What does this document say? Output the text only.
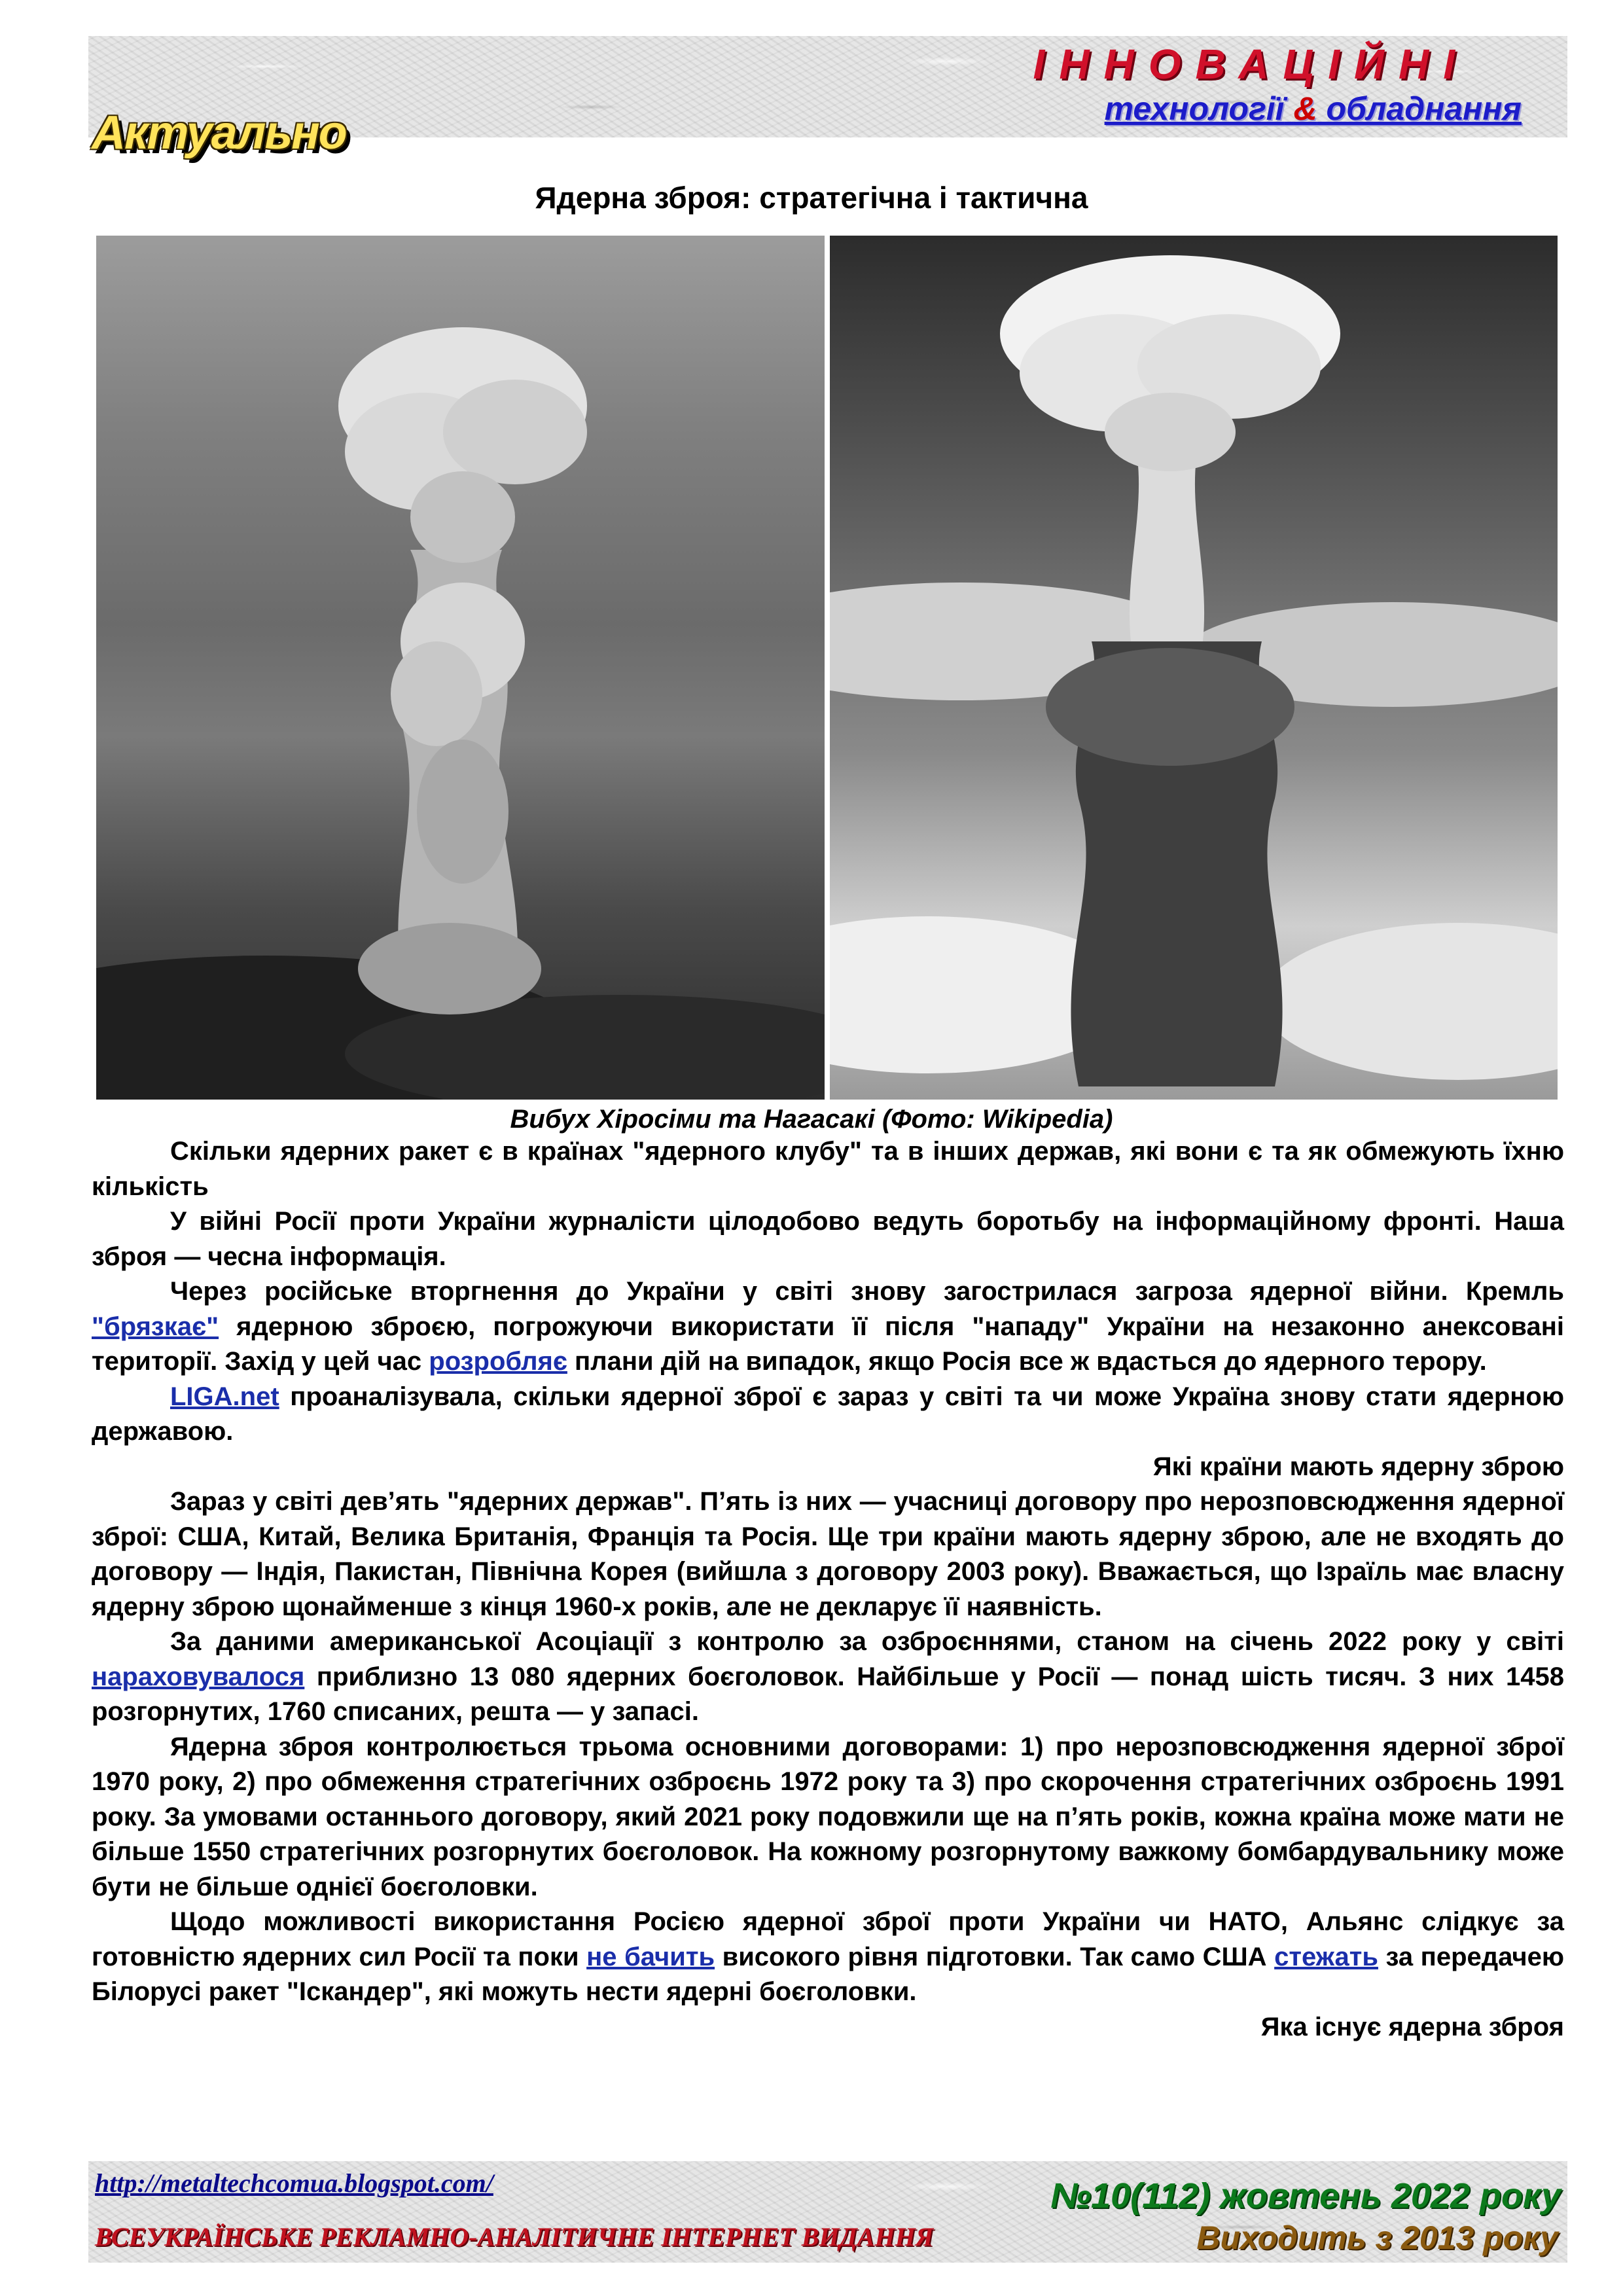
ІННОВАЦІЙНІ
технології & обладнання
Актуально
Ядерна зброя: стратегічна і тактична
Вибух Хіросіми та Нагасакі (Фото: Wikipedia)

Скільки ядерних ракет є в країнах "ядерного клубу" та в інших держав, які вони є та як обмежують їхню кількість

У війні Росії проти України журналісти цілодобово ведуть боротьбу на інформаційному фронті. Наша зброя — чесна інформація.

Через російське вторгнення до України у світі знову загострилася загроза ядерної війни. Кремль "брязкає" ядерною зброєю, погрожуючи використати її після "нападу" України на незаконно анексовані території. Захід у цей час розробляє плани дій на випадок, якщо Росія все ж вдасться до ядерного терору.

LIGA.net проаналізувала, скільки ядерної зброї є зараз у світі та чи може Україна знову стати ядерною державою.

Які країни мають ядерну зброю

Зараз у світі дев’ять "ядерних держав". П’ять із них — учасниці договору про нерозповсюдження ядерної зброї: США, Китай, Велика Британія, Франція та Росія. Ще три країни мають ядерну зброю, але не входять до договору — Індія, Пакистан, Північна Корея (вийшла з договору 2003 року). Вважається, що Ізраїль має власну ядерну зброю щонайменше з кінця 1960-х років, але не декларує її наявність.

За даними американської Асоціації з контролю за озброєннями, станом на січень 2022 року у світі нараховувалося приблизно 13 080 ядерних боєголовок. Найбільше у Росії — понад шість тисяч. З них 1458 розгорнутих, 1760 списаних, решта — у запасі.

Ядерна зброя контролюється трьома основними договорами: 1) про нерозповсюдження ядерної зброї 1970 року, 2) про обмеження стратегічних озброєнь 1972 року та 3) про скорочення стратегічних озброєнь 1991 року. За умовами останнього договору, який 2021 року подовжили ще на п’ять років, кожна країна може мати не більше 1550 стратегічних розгорнутих боєголовок. На кожному розгорнутому важкому бомбардувальнику може бути не більше однієї боєголовки.

Щодо можливості використання Росією ядерної зброї проти України чи НАТО, Альянс слідкує за готовністю ядерних сил Росії та поки не бачить високого рівня підготовки. Так само США стежать за передачею Білорусі ракет "Іскандер", які можуть нести ядерні боєголовки.

Яка існує ядерна зброя
http://metaltechcomua.blogspot.com/
ВСЕУКРАЇНСЬКЕ РЕКЛАМНО-АНАЛІТИЧНЕ ІНТЕРНЕТ ВИДАННЯ
№10(112) жовтень 2022 року
Виходить з 2013 року
